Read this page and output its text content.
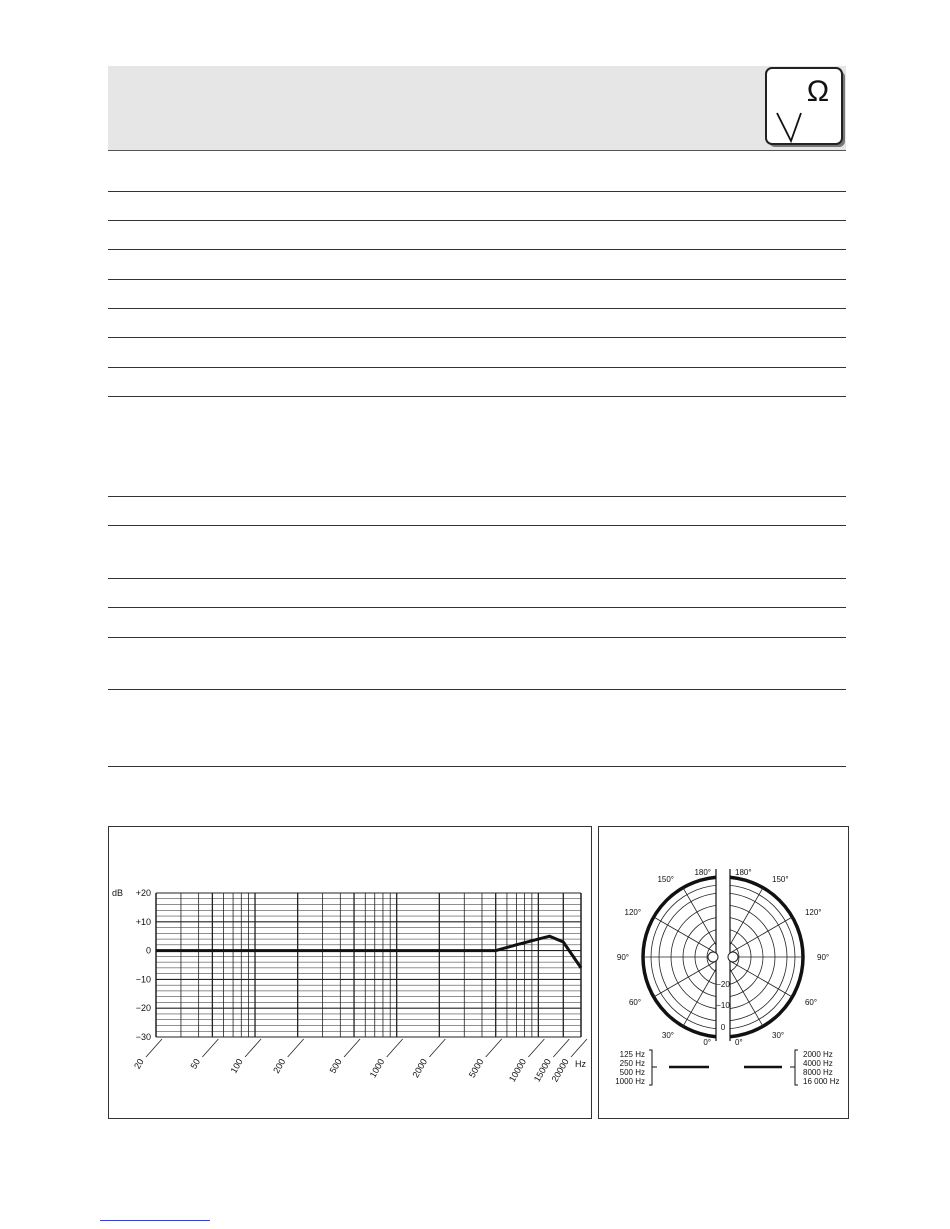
Ω
+20
+10
0
−10
−20
−30
dB
20	50	100	200	500	1000	2000	5000 10000 15000
20000 Hz
180°
150°
120°
90°
60°
30°
0°
180°
150°
120°
90°
60°
30°
0°
−20
−10
0
125 Hz
250 Hz
500 Hz
1000 Hz
2000 Hz
4000 Hz
8000 Hz
16 000 Hz
